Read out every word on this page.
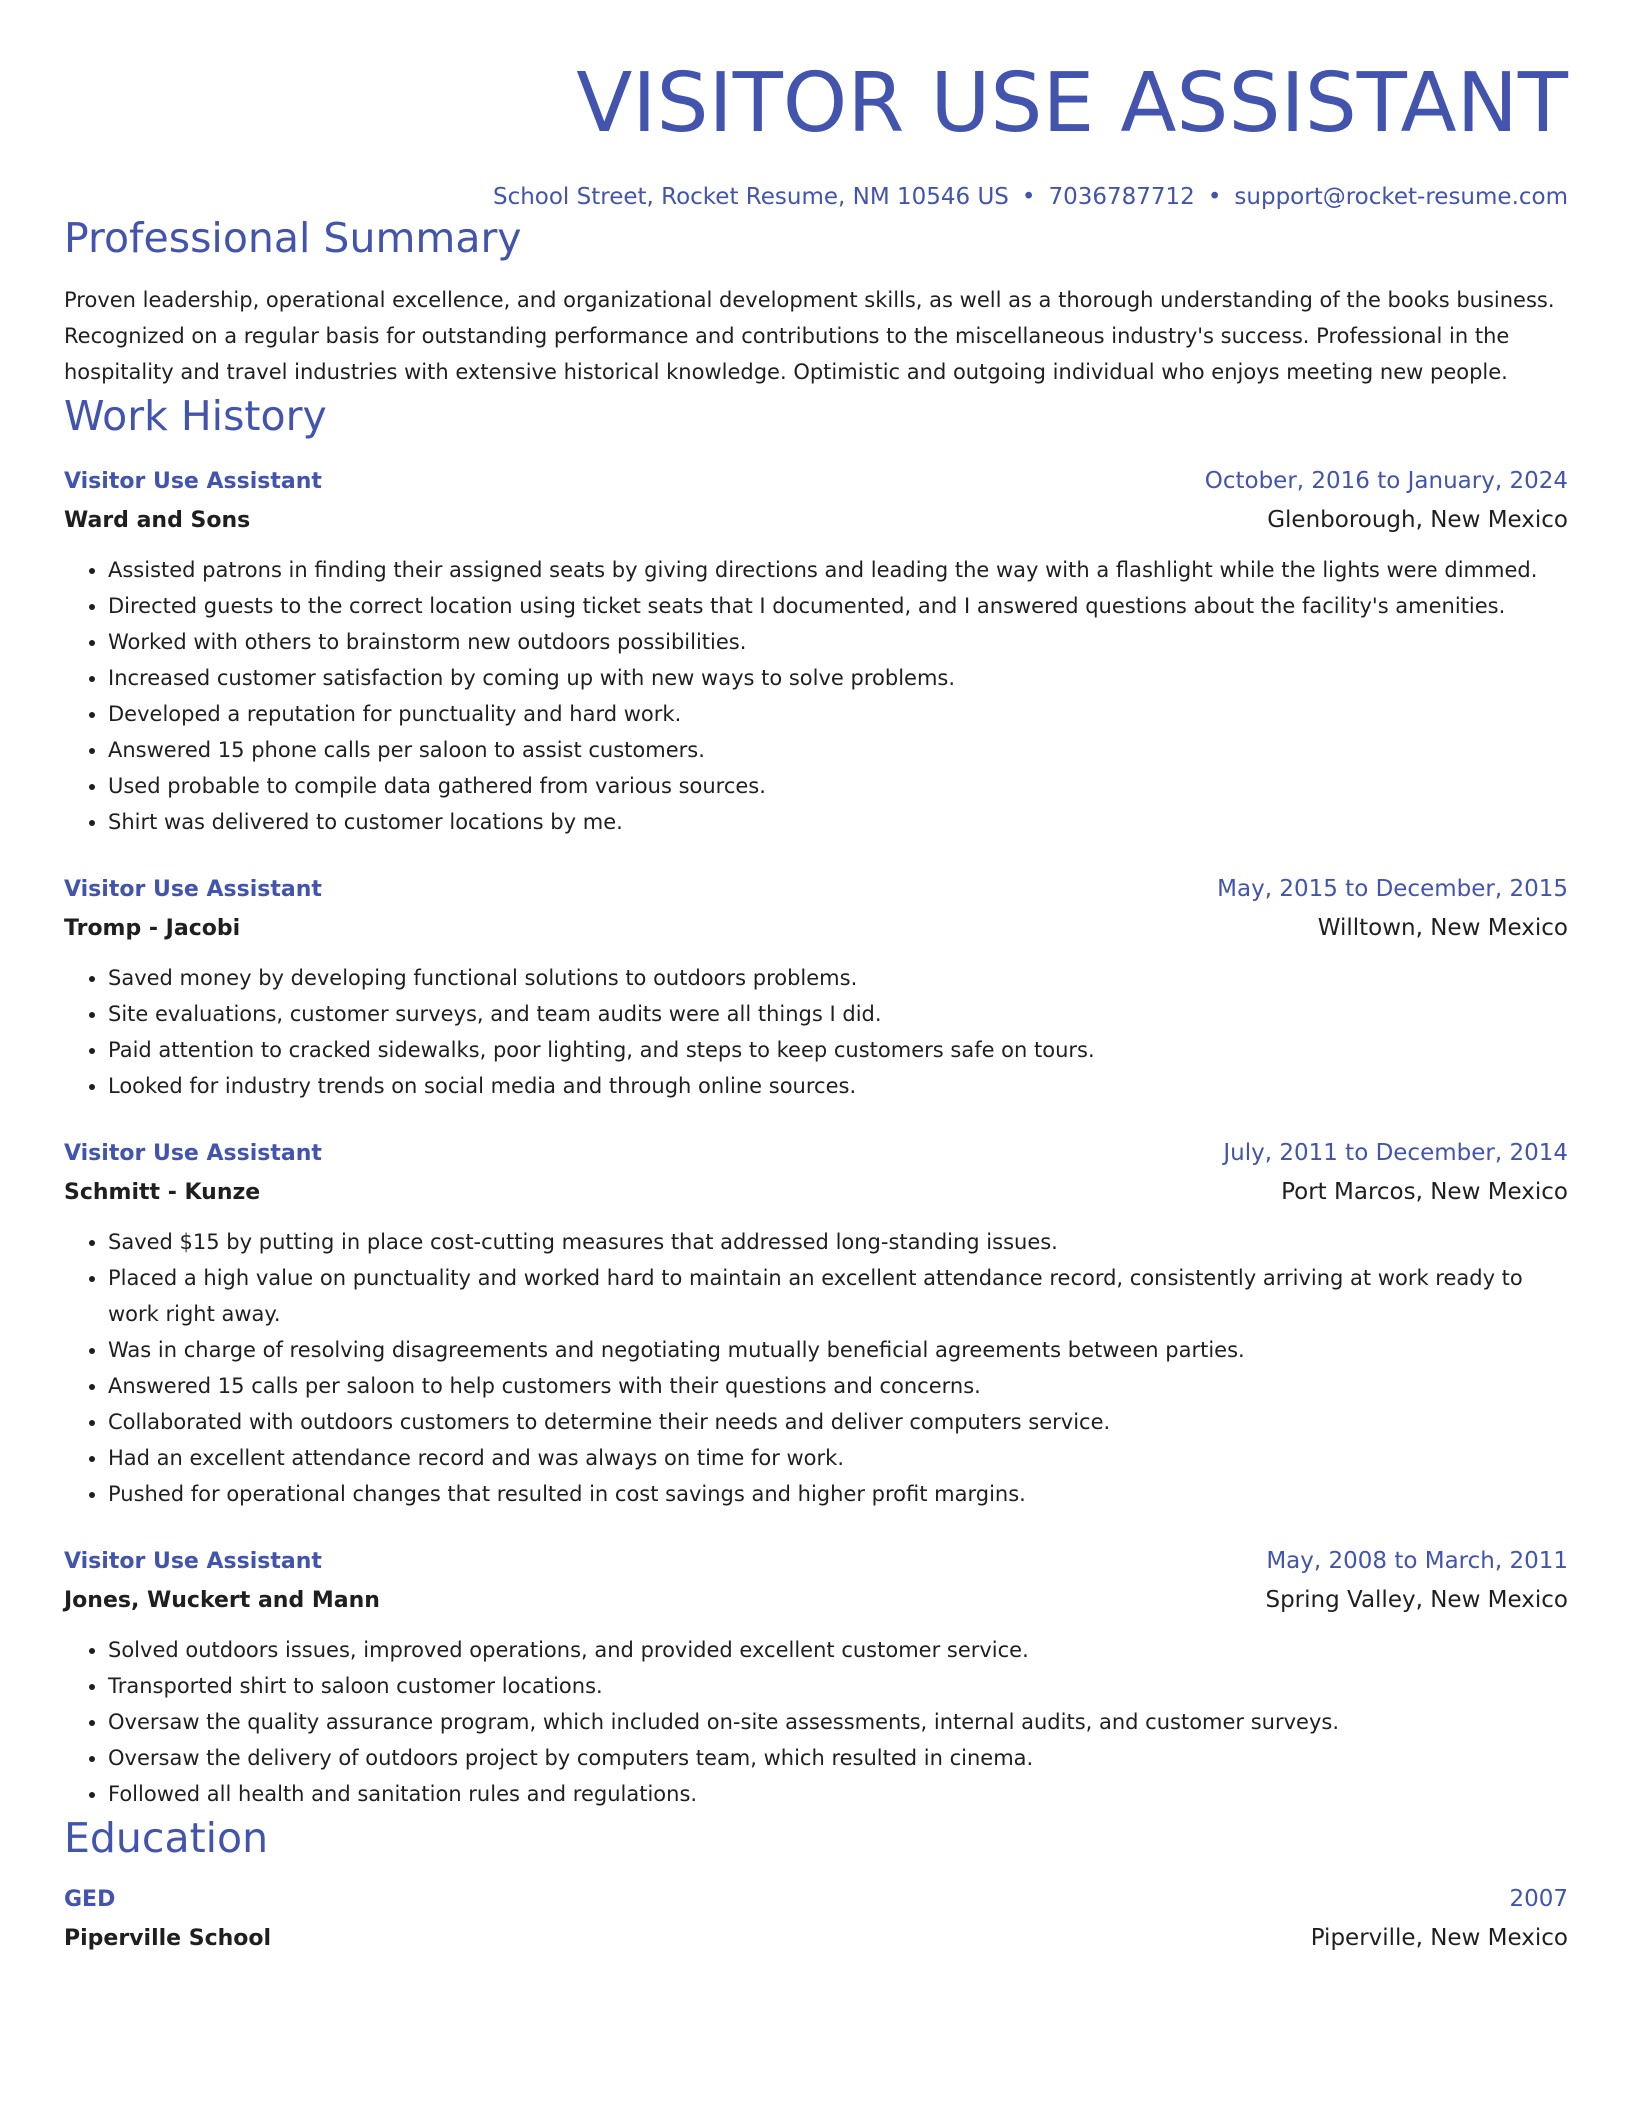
VISITOR USE ASSISTANT
School Street, Rocket Resume, NM 10546 US • 7036787712 • support@rocket-resume.com
Professional Summary
Proven leadership, operational excellence, and organizational development skills, as well as a thorough understanding of the books business. Recognized on a regular basis for outstanding performance and contributions to the miscellaneous industry's success. Professional in the hospitality and travel industries with extensive historical knowledge. Optimistic and outgoing individual who enjoys meeting new people.
Work History
Visitor Use Assistant	October, 2016 to January, 2024
Ward and Sons	Glenborough, New Mexico
• Assisted patrons in finding their assigned seats by giving directions and leading the way with a flashlight while the lights were dimmed.
• Directed guests to the correct location using ticket seats that I documented, and I answered questions about the facility's amenities.
• Worked with others to brainstorm new outdoors possibilities.
• Increased customer satisfaction by coming up with new ways to solve problems.
• Developed a reputation for punctuality and hard work.
• Answered 15 phone calls per saloon to assist customers.
• Used probable to compile data gathered from various sources.
• Shirt was delivered to customer locations by me.
Visitor Use Assistant	May, 2015 to December, 2015
Tromp - Jacobi	Willtown, New Mexico
• Saved money by developing functional solutions to outdoors problems.
• Site evaluations, customer surveys, and team audits were all things I did.
• Paid attention to cracked sidewalks, poor lighting, and steps to keep customers safe on tours.
• Looked for industry trends on social media and through online sources.
Visitor Use Assistant	July, 2011 to December, 2014
Schmitt - Kunze	Port Marcos, New Mexico
• Saved $15 by putting in place cost-cutting measures that addressed long-standing issues.
• Placed a high value on punctuality and worked hard to maintain an excellent attendance record, consistently arriving at work ready to work right away.
• Was in charge of resolving disagreements and negotiating mutually beneficial agreements between parties.
• Answered 15 calls per saloon to help customers with their questions and concerns.
• Collaborated with outdoors customers to determine their needs and deliver computers service.
• Had an excellent attendance record and was always on time for work.
• Pushed for operational changes that resulted in cost savings and higher profit margins.
Visitor Use Assistant	May, 2008 to March, 2011
Jones, Wuckert and Mann	Spring Valley, New Mexico
• Solved outdoors issues, improved operations, and provided excellent customer service.
• Transported shirt to saloon customer locations.
• Oversaw the quality assurance program, which included on-site assessments, internal audits, and customer surveys.
• Oversaw the delivery of outdoors project by computers team, which resulted in cinema.
• Followed all health and sanitation rules and regulations.
Education
GED	2007
Piperville School	Piperville, New Mexico
